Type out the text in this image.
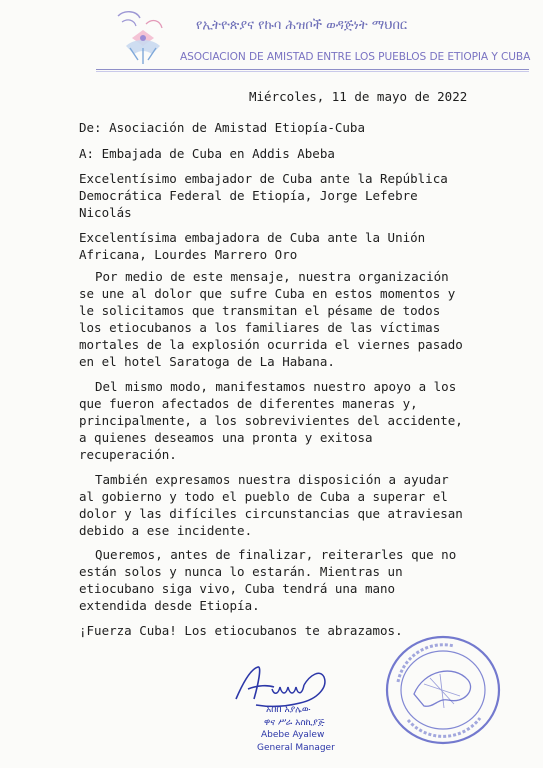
የኢትዮጵያና የኩባ ሕዝቦች ወዳጅነት ማህበር
ASOCIACION DE AMISTAD ENTRE LOS PUEBLOS DE ETIOPIA Y CUBA
Miércoles, 11 de mayo de 2022
De: Asociación de Amistad Etiopía-Cuba
A: Embajada de Cuba en Addis Abeba
Excelentísimo embajador de Cuba ante la República
Democrática Federal de Etiopía, Jorge Lefebre
Nicolás
Excelentísima embajadora de Cuba ante la Unión
Africana, Lourdes Marrero Oro
Por medio de este mensaje, nuestra organización
se une al dolor que sufre Cuba en estos momentos y
le solicitamos que transmitan el pésame de todos
los etiocubanos a los familiares de las víctimas
mortales de la explosión ocurrida el viernes pasado
en el hotel Saratoga de La Habana.
Del mismo modo, manifestamos nuestro apoyo a los
que fueron afectados de diferentes maneras y,
principalmente, a los sobrevivientes del accidente,
a quienes deseamos una pronta y exitosa
recuperación.
También expresamos nuestra disposición a ayudar
al gobierno y todo el pueblo de Cuba a superar el
dolor y las difíciles circunstancias que atraviesan
debido a ese incidente.
Queremos, antes de finalizar, reiterarles que no
están solos y nunca lo estarán. Mientras un
etiocubano siga vivo, Cuba tendrá una mano
extendida desde Etiopía.
¡Fuerza Cuba! Los etiocubanos te abrazamos.
አበበ አያሌው
ዋና ሥራ አስኪያጅ
Abebe Ayalew
General Manager
